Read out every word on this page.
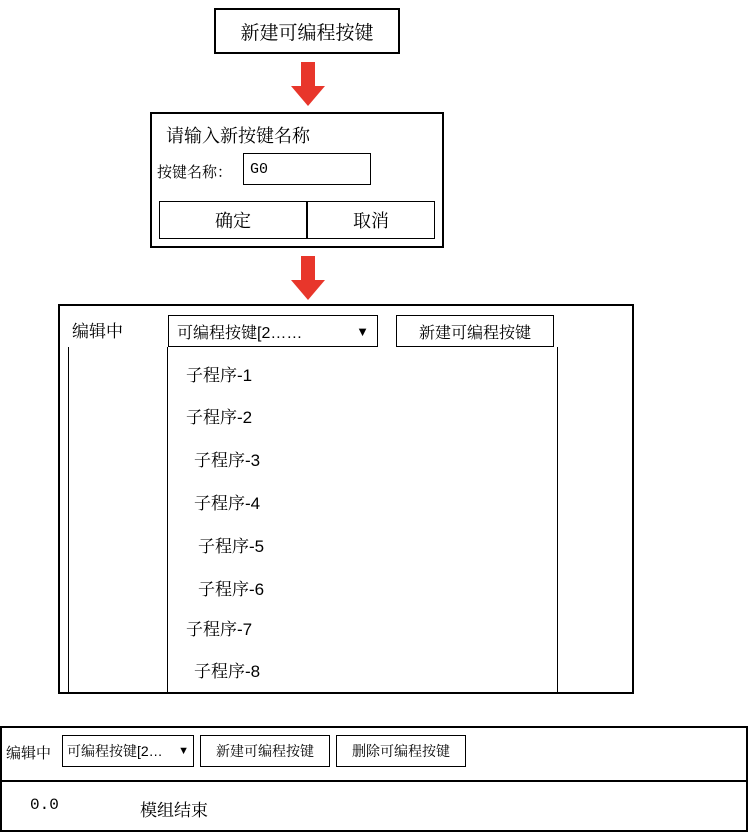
新建可编程按键
请输入新按键名称
按键名称：	G0
确定	取消
编辑中	可编程按键[2……	▼	新建可编程按键
子程序-1
子程序-2
子程序-3
子程序-4
子程序-5
子程序-6
子程序-7
子程序-8
编辑中 可编程按键[2… ▼ 新建可编程按键	删除可编程按键
0.0	模组结束
